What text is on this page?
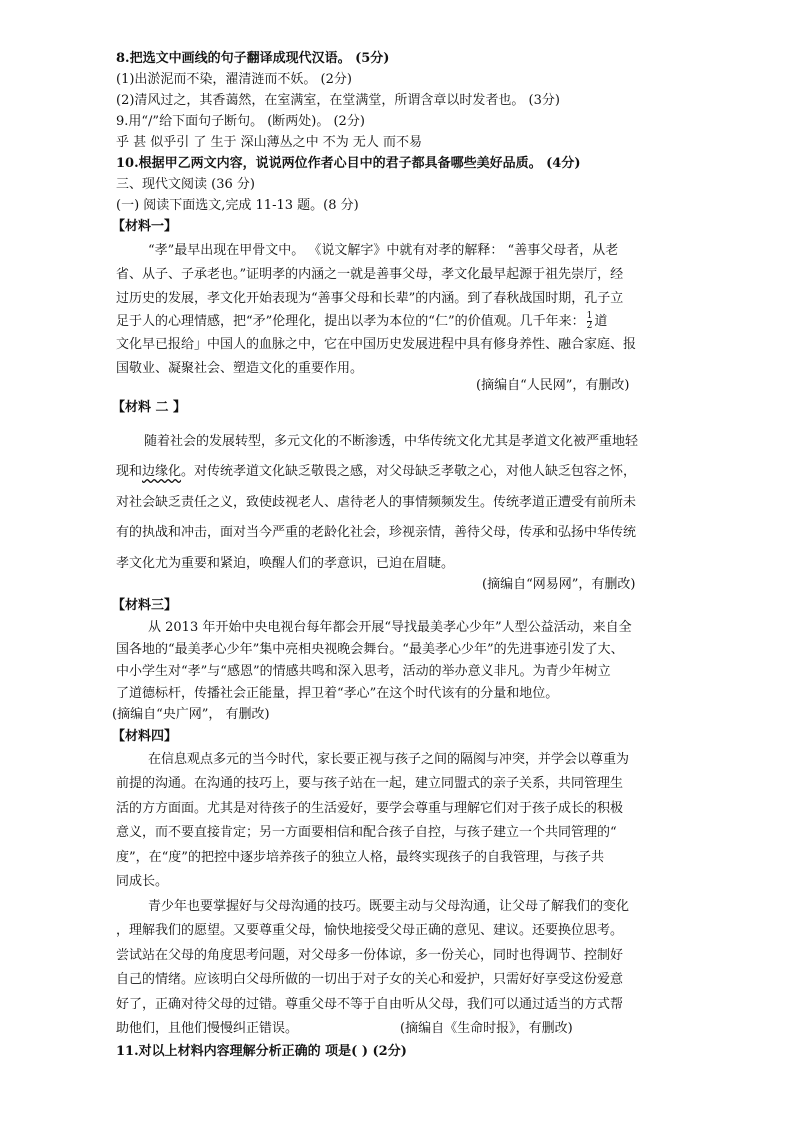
8.把选文中画线的句子翻译成现代汉语。 (5分)
(1)出淤泥而不染，濯清涟而不妖。 (2分)
(2)清风过之，其香蔼然，在室满室，在堂满堂，所谓含章以时发者也。 (3分)
9.用“/”给下面句子断句。 (断两处)。 (2分)
乎 甚 似乎引 了 生于 深山薄丛之中 不为 无人 而不易
10.根据甲乙两文内容，说说两位作者心目中的君子都具备哪些美好品质。 (4分)
三、现代文阅读 (36 分)
(一) 阅读下面选文,完成 11-13 题。(8 分)
【材料一】
“孝”最早出现在甲骨文中。 《说文解字》中就有对孝的解释： “善事父母者，从老
省、从子、子承老也。”证明孝的内涵之一就是善事父母，孝文化最早起源于祖先崇厅，经
过历史的发展，孝文化开始表现为“善事父母和长辈”的内涵。到了春秋战国时期，孔子立
足于人的心理情感，把“矛”伦理化，提出以孝为本位的“仁”的价值观。几千年来： $\frac{1}{2}$ 道
文化早已报给」中国人的血脉之中，它在中国历史发展进程中具有修身养性、融合家庭、报
国敬业、凝聚社会、塑造文化的重要作用。
(摘编自“人民网”，有删改)
【材料 二 】
随着社会的发展转型，多元文化的不断渗透，中华传统文化尤其是孝道文化被严重地轻
现和边缘化。对传统孝道文化缺乏敬畏之感，对父母缺乏孝敬之心，对他人缺乏包容之怀，
对社会缺乏责任之义，致使歧视老人、虐待老人的事情频频发生。传统孝道正遭受有前所未
有的执战和冲击，面对当今严重的老龄化社会，珍视亲情，善待父母，传承和弘扬中华传统
孝文化尤为重要和紧迫，唤醒人们的孝意识，已迫在眉睫。
(摘编自“网易网”，有删改)
【材料三】
从 2013 年开始中央电视台每年都会开展“导找最美孝心少年”人型公益活动，来自全
国各地的“最美孝心少年”集中亮相央视晚会舞台。“最美孝心少年”的先进事迹引发了大、
中小学生对“孝”与“感恩”的情感共鸣和深入思考，活动的举办意义非凡。为青少年树立
了道德标杆，传播社会正能量，捍卫着“孝心”在这个时代该有的分量和地位。
(摘编自“央广网”， 有删改)
【材料四】
在信息观点多元的当今时代，家长要正视与孩子之间的隔阂与冲突，并学会以尊重为
前提的沟通。在沟通的技巧上，要与孩子站在一起，建立同盟式的亲子关系，共同管理生
活的方方面面。尤其是对待孩子的生活爱好，要学会尊重与理解它们对于孩子成长的积极
意义，而不要直接肯定；另一方面要相信和配合孩子自控，与孩子建立一个共同管理的“
度”，在“度”的把控中逐步培养孩子的独立人格，最终实现孩子的自我管理，与孩子共
同成长。
青少年也要掌握好与父母沟通的技巧。既要主动与父母沟通，让父母了解我们的变化
，理解我们的愿望。又要尊重父母，愉快地接受父母正确的意见、建议。还要换位思考。
尝试站在父母的角度思考问题，对父母多一份体谅，多一份关心，同时也得调节、控制好
自己的情绪。应该明白父母所做的一切出于对子女的关心和爱护，只需好好享受这份爱意
好了，正确对待父母的过错。尊重父母不等于自由听从父母，我们可以通过适当的方式帮
助他们，且他们慢慢纠正错误。	(摘编自《生命时报》，有删改)
11.对以上材料内容理解分析正确的 项是( ) (2分)
